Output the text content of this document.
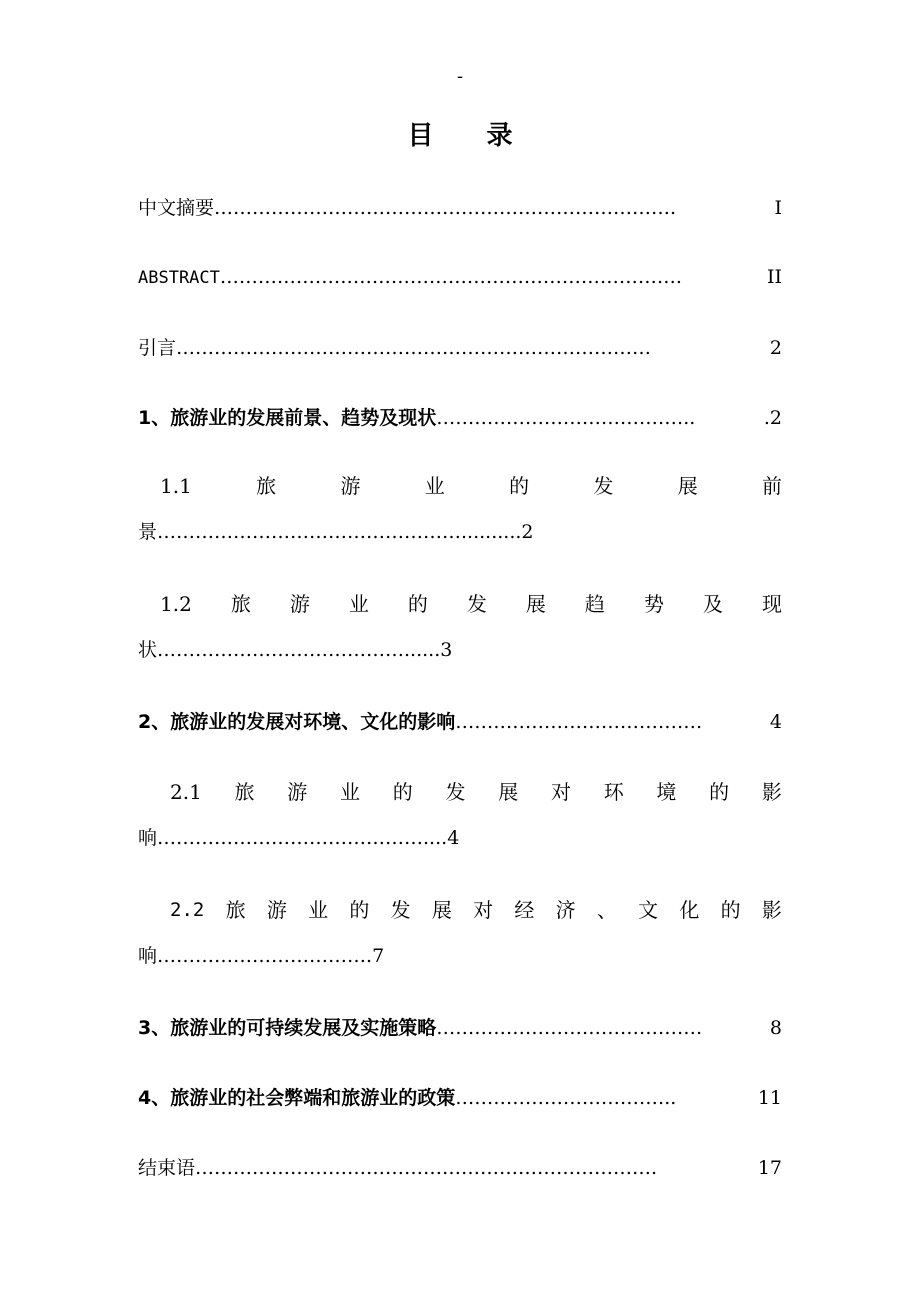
-
目 录
中文摘要 ……………………………………………………………….	Ⅰ
ABSTRACT ……………………………………………………………….	II
引言 …………………………………………………………………	2
1、旅游业的发展前景、趋势及现状 …………………………………..	.2
1.1	旅	游	业	的	发	展	前
景 ………………………………………….......... 2
1.2 旅 游 业 的 发 展 趋 势 及 现
状 …………………………………...... 3
2、旅游业的发展对环境、文化的影响 …………………………………	4
2.1 旅 游 业 的 发 展 对 环 境 的 影
响 …………………………………….... 4
2.2 旅 游 业 的 发 展 对 经 济 、 文 化 的 影
响 ……………………………. 7
3、旅游业的可持续发展及实施策略 ……………………………………	8
4、旅游业的社会弊端和旅游业的政策 ……………………………..	11
结束语 ……………………………………………………………….	17
